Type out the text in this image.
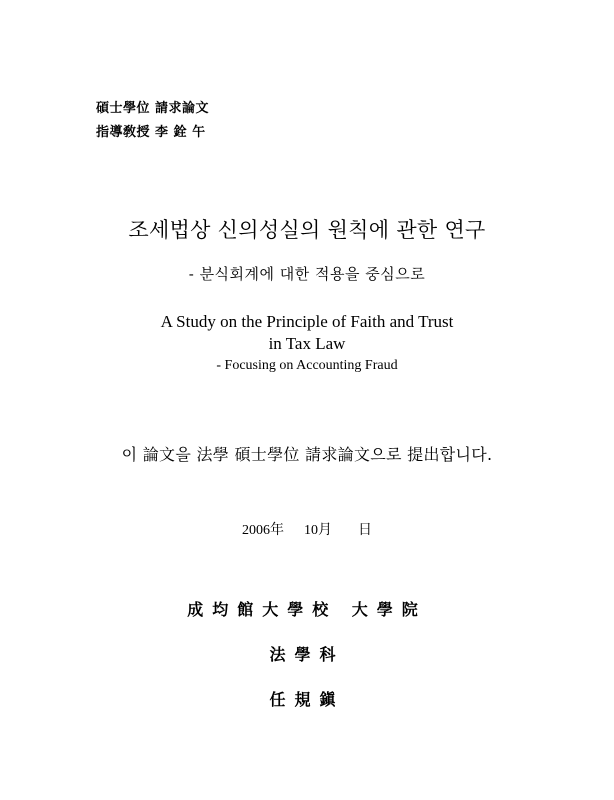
碩士學位 請求論文
指導敎授 李 銓 午
조세법상 신의성실의 원칙에 관한 연구
- 분식회계에 대한 적용을 중심으로
A Study on the Principle of Faith and Trust
in Tax Law
- Focusing on Accounting Fraud
이 論文을 法學 碩士學位 請求論文으로 提出합니다.
2006年 10月 日
成均館大學校 大學院
法學科
任規鎭
